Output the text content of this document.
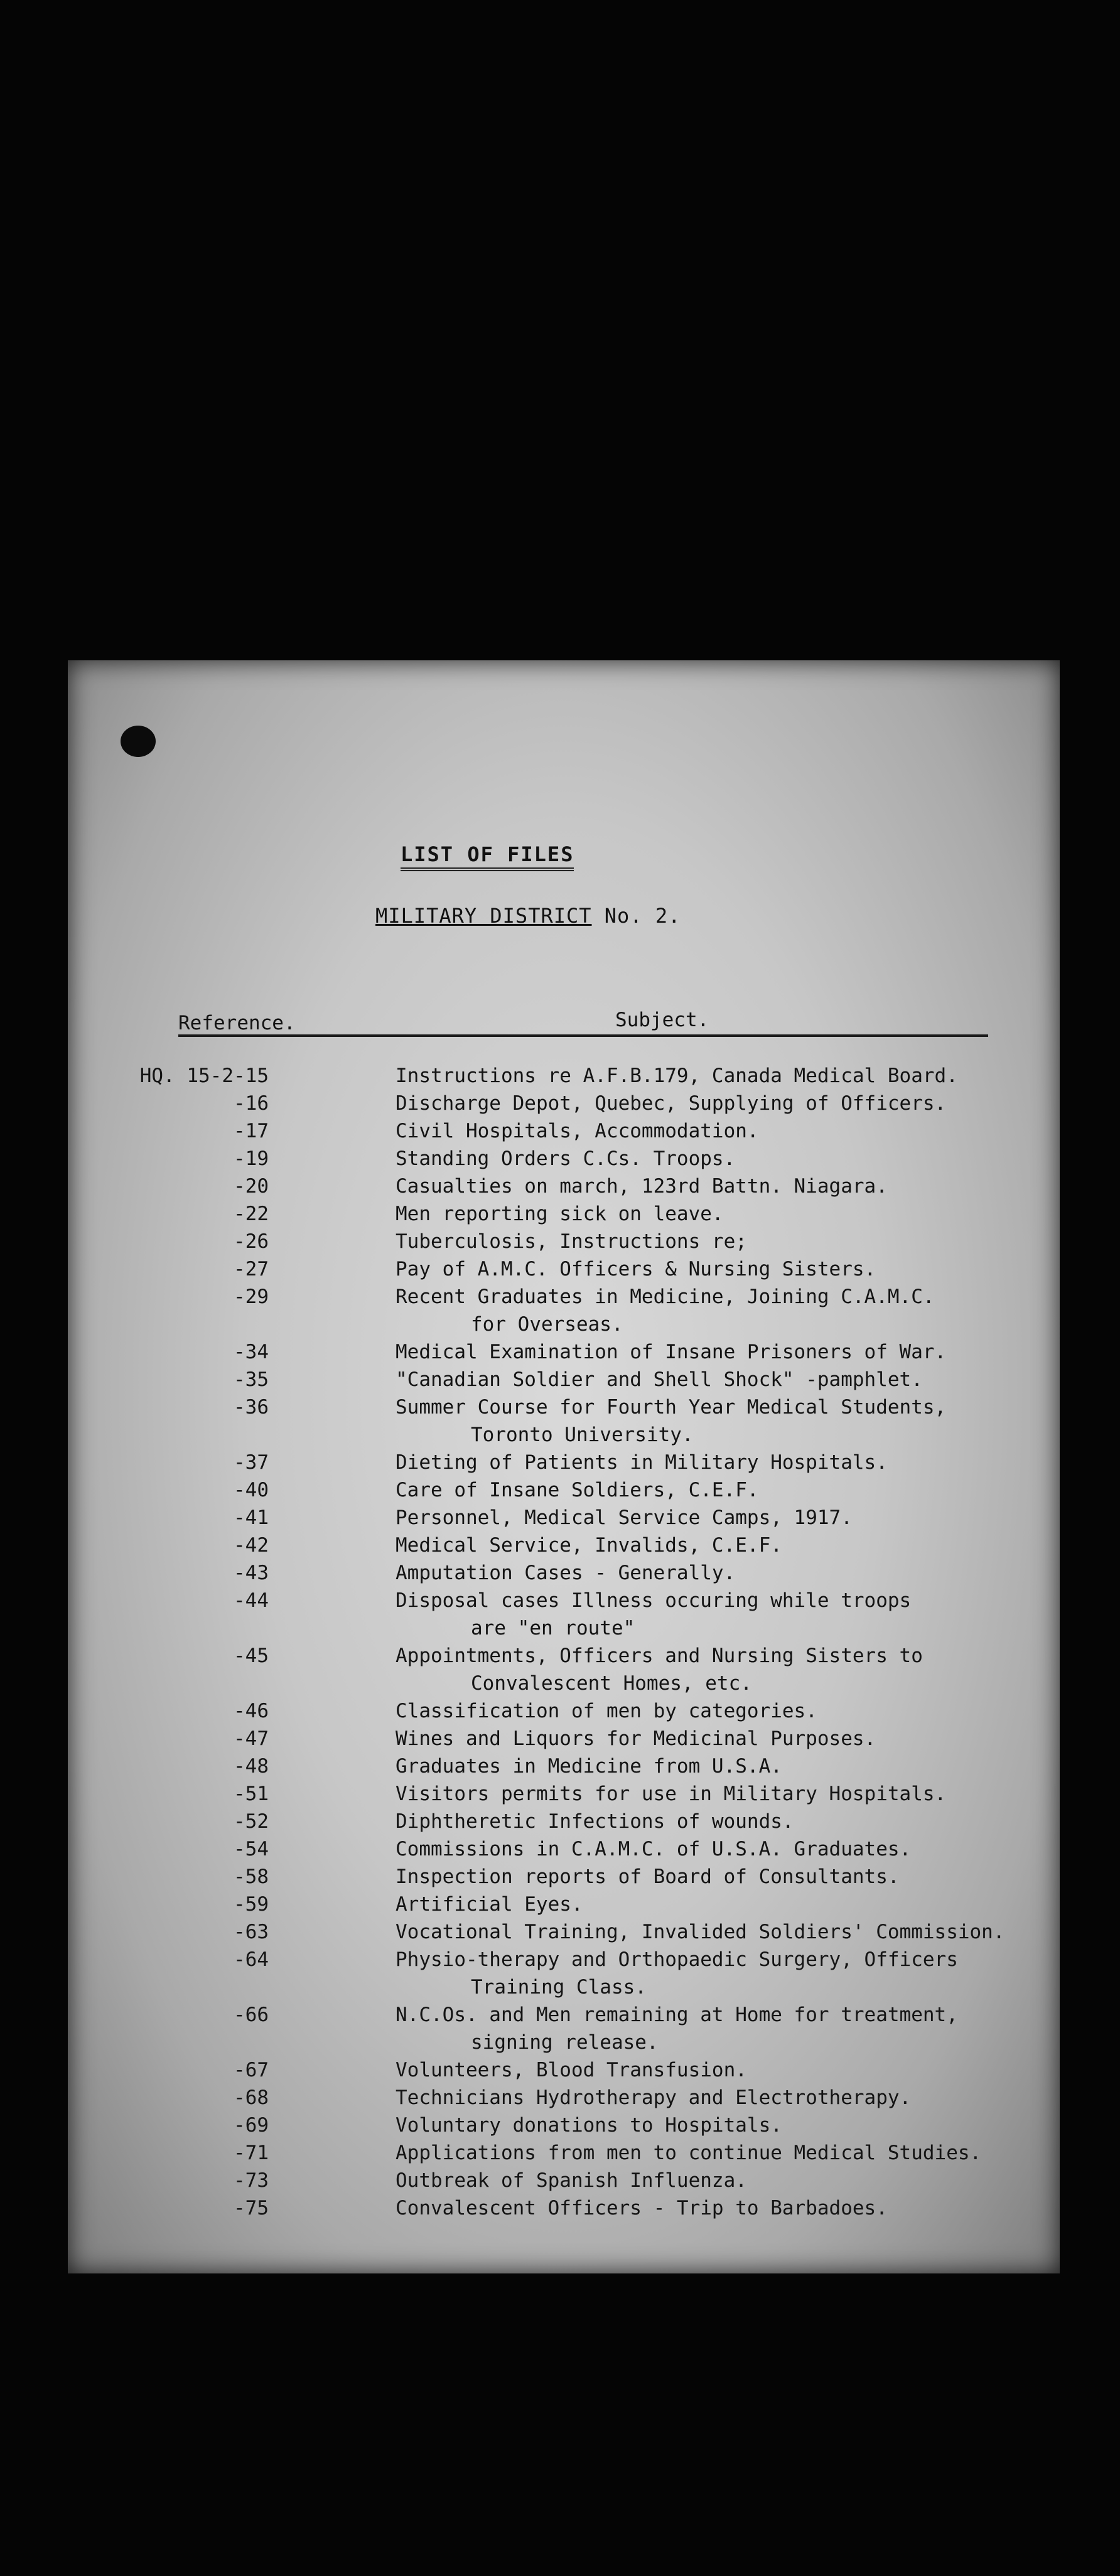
LIST OF FILES
MILITARY DISTRICT No. 2.
Reference.	Subject.
HQ. 15-2-15	Instructions re A.F.B.179, Canada Medical Board.
-16	Discharge Depot, Quebec, Supplying of Officers.
-17	Civil Hospitals, Accommodation.
-19	Standing Orders C.Cs. Troops.
-20	Casualties on march, 123rd Battn. Niagara.
-22	Men reporting sick on leave.
-26	Tuberculosis, Instructions re;
-27	Pay of A.M.C. Officers & Nursing Sisters.
-29	Recent Graduates in Medicine, Joining C.A.M.C.
for Overseas.
-34	Medical Examination of Insane Prisoners of War.
-35	"Canadian Soldier and Shell Shock" -pamphlet.
-36	Summer Course for Fourth Year Medical Students,
Toronto University.
-37	Dieting of Patients in Military Hospitals.
-40	Care of Insane Soldiers, C.E.F.
-41	Personnel, Medical Service Camps, 1917.
-42	Medical Service, Invalids, C.E.F.
-43	Amputation Cases - Generally.
-44	Disposal cases Illness occuring while troops
are "en route"
-45	Appointments, Officers and Nursing Sisters to
Convalescent Homes, etc.
-46	Classification of men by categories.
-47	Wines and Liquors for Medicinal Purposes.
-48	Graduates in Medicine from U.S.A.
-51	Visitors permits for use in Military Hospitals.
-52	Diphtheretic Infections of wounds.
-54	Commissions in C.A.M.C. of U.S.A. Graduates.
-58	Inspection reports of Board of Consultants.
-59	Artificial Eyes.
-63	Vocational Training, Invalided Soldiers' Commission.
-64	Physio-therapy and Orthopaedic Surgery, Officers
Training Class.
-66	N.C.Os. and Men remaining at Home for treatment,
signing release.
-67	Volunteers, Blood Transfusion.
-68	Technicians Hydrotherapy and Electrotherapy.
-69	Voluntary donations to Hospitals.
-71	Applications from men to continue Medical Studies.
-73	Outbreak of Spanish Influenza.
-75	Convalescent Officers - Trip to Barbadoes.
